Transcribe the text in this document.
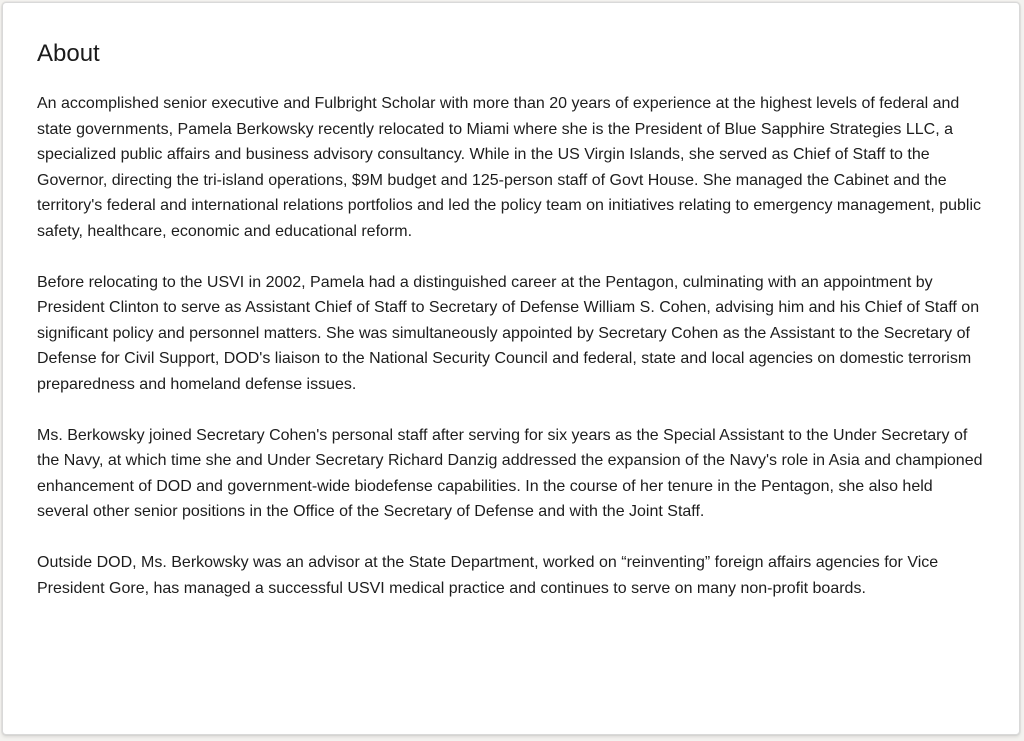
About

An accomplished senior executive and Fulbright Scholar with more than 20 years of experience at the highest levels of federal and state governments, Pamela Berkowsky recently relocated to Miami where she is the President of Blue Sapphire Strategies LLC, a specialized public affairs and business advisory consultancy. While in the US Virgin Islands, she served as Chief of Staff to the Governor, directing the tri-island operations, $9M budget and 125-person staff of Govt House. She managed the Cabinet and the territory's federal and international relations portfolios and led the policy team on initiatives relating to emergency management, public safety, healthcare, economic and educational reform.

Before relocating to the USVI in 2002, Pamela had a distinguished career at the Pentagon, culminating with an appointment by President Clinton to serve as Assistant Chief of Staff to Secretary of Defense William S. Cohen, advising him and his Chief of Staff on significant policy and personnel matters. She was simultaneously appointed by Secretary Cohen as the Assistant to the Secretary of Defense for Civil Support, DOD's liaison to the National Security Council and federal, state and local agencies on domestic terrorism preparedness and homeland defense issues.

Ms. Berkowsky joined Secretary Cohen's personal staff after serving for six years as the Special Assistant to the Under Secretary of the Navy, at which time she and Under Secretary Richard Danzig addressed the expansion of the Navy's role in Asia and championed enhancement of DOD and government-wide biodefense capabilities. In the course of her tenure in the Pentagon, she also held several other senior positions in the Office of the Secretary of Defense and with the Joint Staff.

Outside DOD, Ms. Berkowsky was an advisor at the State Department, worked on “reinventing” foreign affairs agencies for Vice President Gore, has managed a successful USVI medical practice and continues to serve on many non-profit boards.
